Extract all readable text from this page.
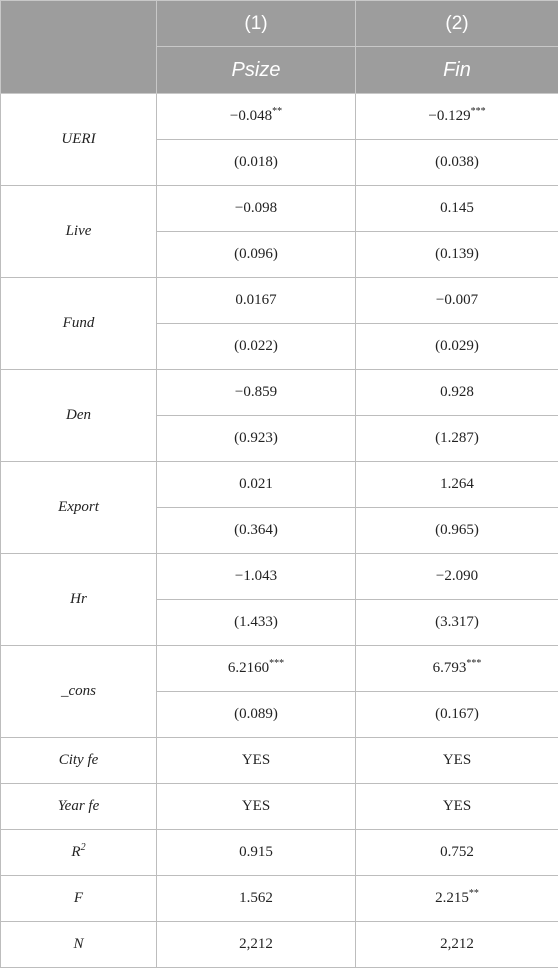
	(1)	(2)
	Psize	Fin
UERI	−0.048**	−0.129***
	(0.018)	(0.038)
Live	−0.098	0.145
	(0.096)	(0.139)
Fund	0.0167	−0.007
	(0.022)	(0.029)
Den	−0.859	0.928
	(0.923)	(1.287)
Export	0.021	1.264
	(0.364)	(0.965)
Hr	−1.043	−2.090
	(1.433)	(3.317)
_cons	6.2160***	6.793***
	(0.089)	(0.167)
City fe	YES	YES
Year fe	YES	YES
$R^2$	0.915	0.752
F	1.562	2.215**
N	2,212	2,212
